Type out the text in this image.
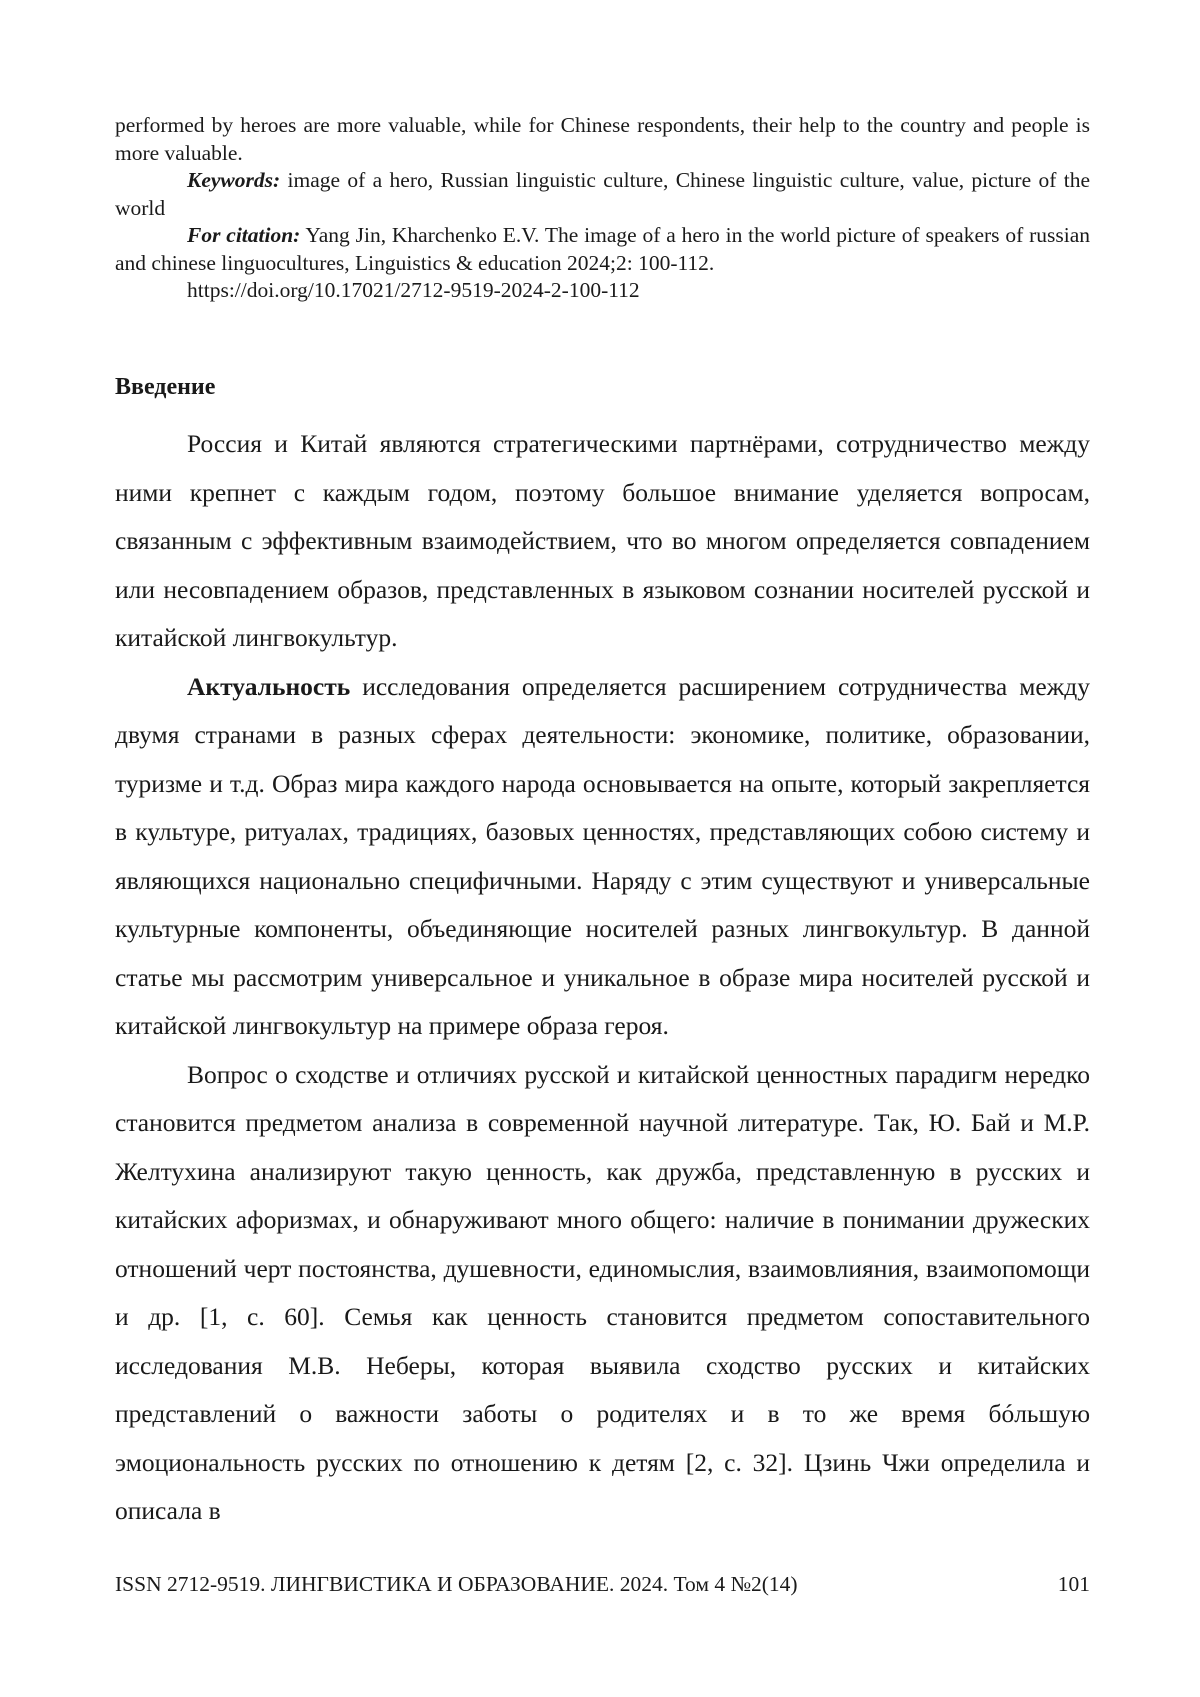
performed by heroes are more valuable, while for Chinese respondents, their help to the country and people is more valuable.

Keywords: image of a hero, Russian linguistic culture, Chinese linguistic culture, value, picture of the world

For citation: Yang Jin, Kharchenko E.V. The image of a hero in the world picture of speakers of russian and chinese linguocultures, Linguistics & education 2024;2: 100-112.
https://doi.org/10.17021/2712-9519-2024-2-100-112

Введение

Россия и Китай являются стратегическими партнёрами, сотрудничество между ними крепнет с каждым годом, поэтому большое внимание уделяется вопросам, связанным с эффективным взаимодействием, что во многом определяется совпадением или несовпадением образов, представленных в языковом сознании носителей русской и китайской лингвокультур.

Актуальность исследования определяется расширением сотрудничества между двумя странами в разных сферах деятельности: экономике, политике, образовании, туризме и т.д. Образ мира каждого народа основывается на опыте, который закрепляется в культуре, ритуалах, традициях, базовых ценностях, представляющих собою систему и являющихся национально специфичными. Наряду с этим существуют и универсальные культурные компоненты, объединяющие носителей разных лингвокультур. В данной статье мы рассмотрим универсальное и уникальное в образе мира носителей русской и китайской лингвокультур на примере образа героя.

Вопрос о сходстве и отличиях русской и китайской ценностных парадигм нередко становится предметом анализа в современной научной литературе. Так, Ю. Бай и М.Р. Желтухина анализируют такую ценность, как дружба, представленную в русских и китайских афоризмах, и обнаруживают много общего: наличие в понимании дружеских отношений черт постоянства, душевности, единомыслия, взаимовлияния, взаимопомощи и др. [1, с. 60]. Семья как ценность становится предметом сопоставительного исследования М.В. Неберы, которая выявила сходство русских и китайских представлений о важности заботы о родителях и в то же время бóльшую эмоциональность русских по отношению к детям [2, с. 32]. Цзинь Чжи определила и описала в

ISSN 2712-9519. ЛИНГВИСТИКА И ОБРАЗОВАНИЕ. 2024. Том 4 №2(14)	101
